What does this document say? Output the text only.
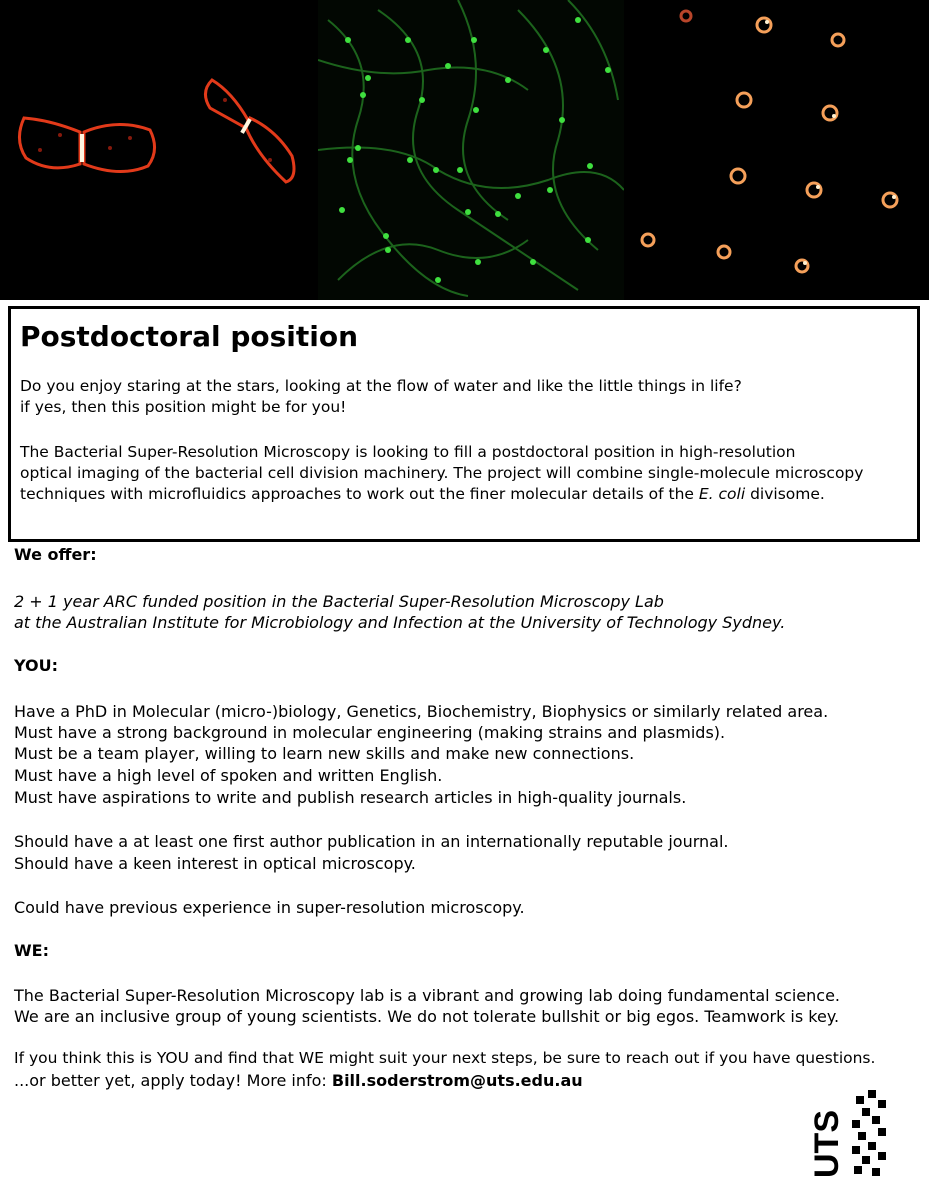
Postdoctoral position
Do you enjoy staring at the stars, looking at the flow of water and like the little things in life?
if yes, then this position might be for you!
The Bacterial Super-Resolution Microscopy is looking to fill a postdoctoral position in high-resolution
optical imaging of the bacterial cell division machinery. The project will combine single-molecule microscopy
techniques with microfluidics approaches to work out the finer molecular details of the E. coli divisome.
We offer:
2 + 1 year ARC funded position in the Bacterial Super-Resolution Microscopy Lab
at the Australian Institute for Microbiology and Infection at the University of Technology Sydney.
YOU:
Have a PhD in Molecular (micro-)biology, Genetics, Biochemistry, Biophysics or similarly related area.
Must have a strong background in molecular engineering (making strains and plasmids).
Must be a team player, willing to learn new skills and make new connections.
Must have a high level of spoken and written English.
Must have aspirations to write and publish research articles in high-quality journals.
Should have a at least one first author publication in an internationally reputable journal.
Should have a keen interest in optical microscopy.
Could have previous experience in super-resolution microscopy.
WE:
The Bacterial Super-Resolution Microscopy lab is a vibrant and growing lab doing fundamental science.
We are an inclusive group of young scientists. We do not tolerate bullshit or big egos. Teamwork is key.
If you think this is YOU and find that WE might suit your next steps, be sure to reach out if you have questions.
...or better yet, apply today! More info: Bill.soderstrom@uts.edu.au
UTS
